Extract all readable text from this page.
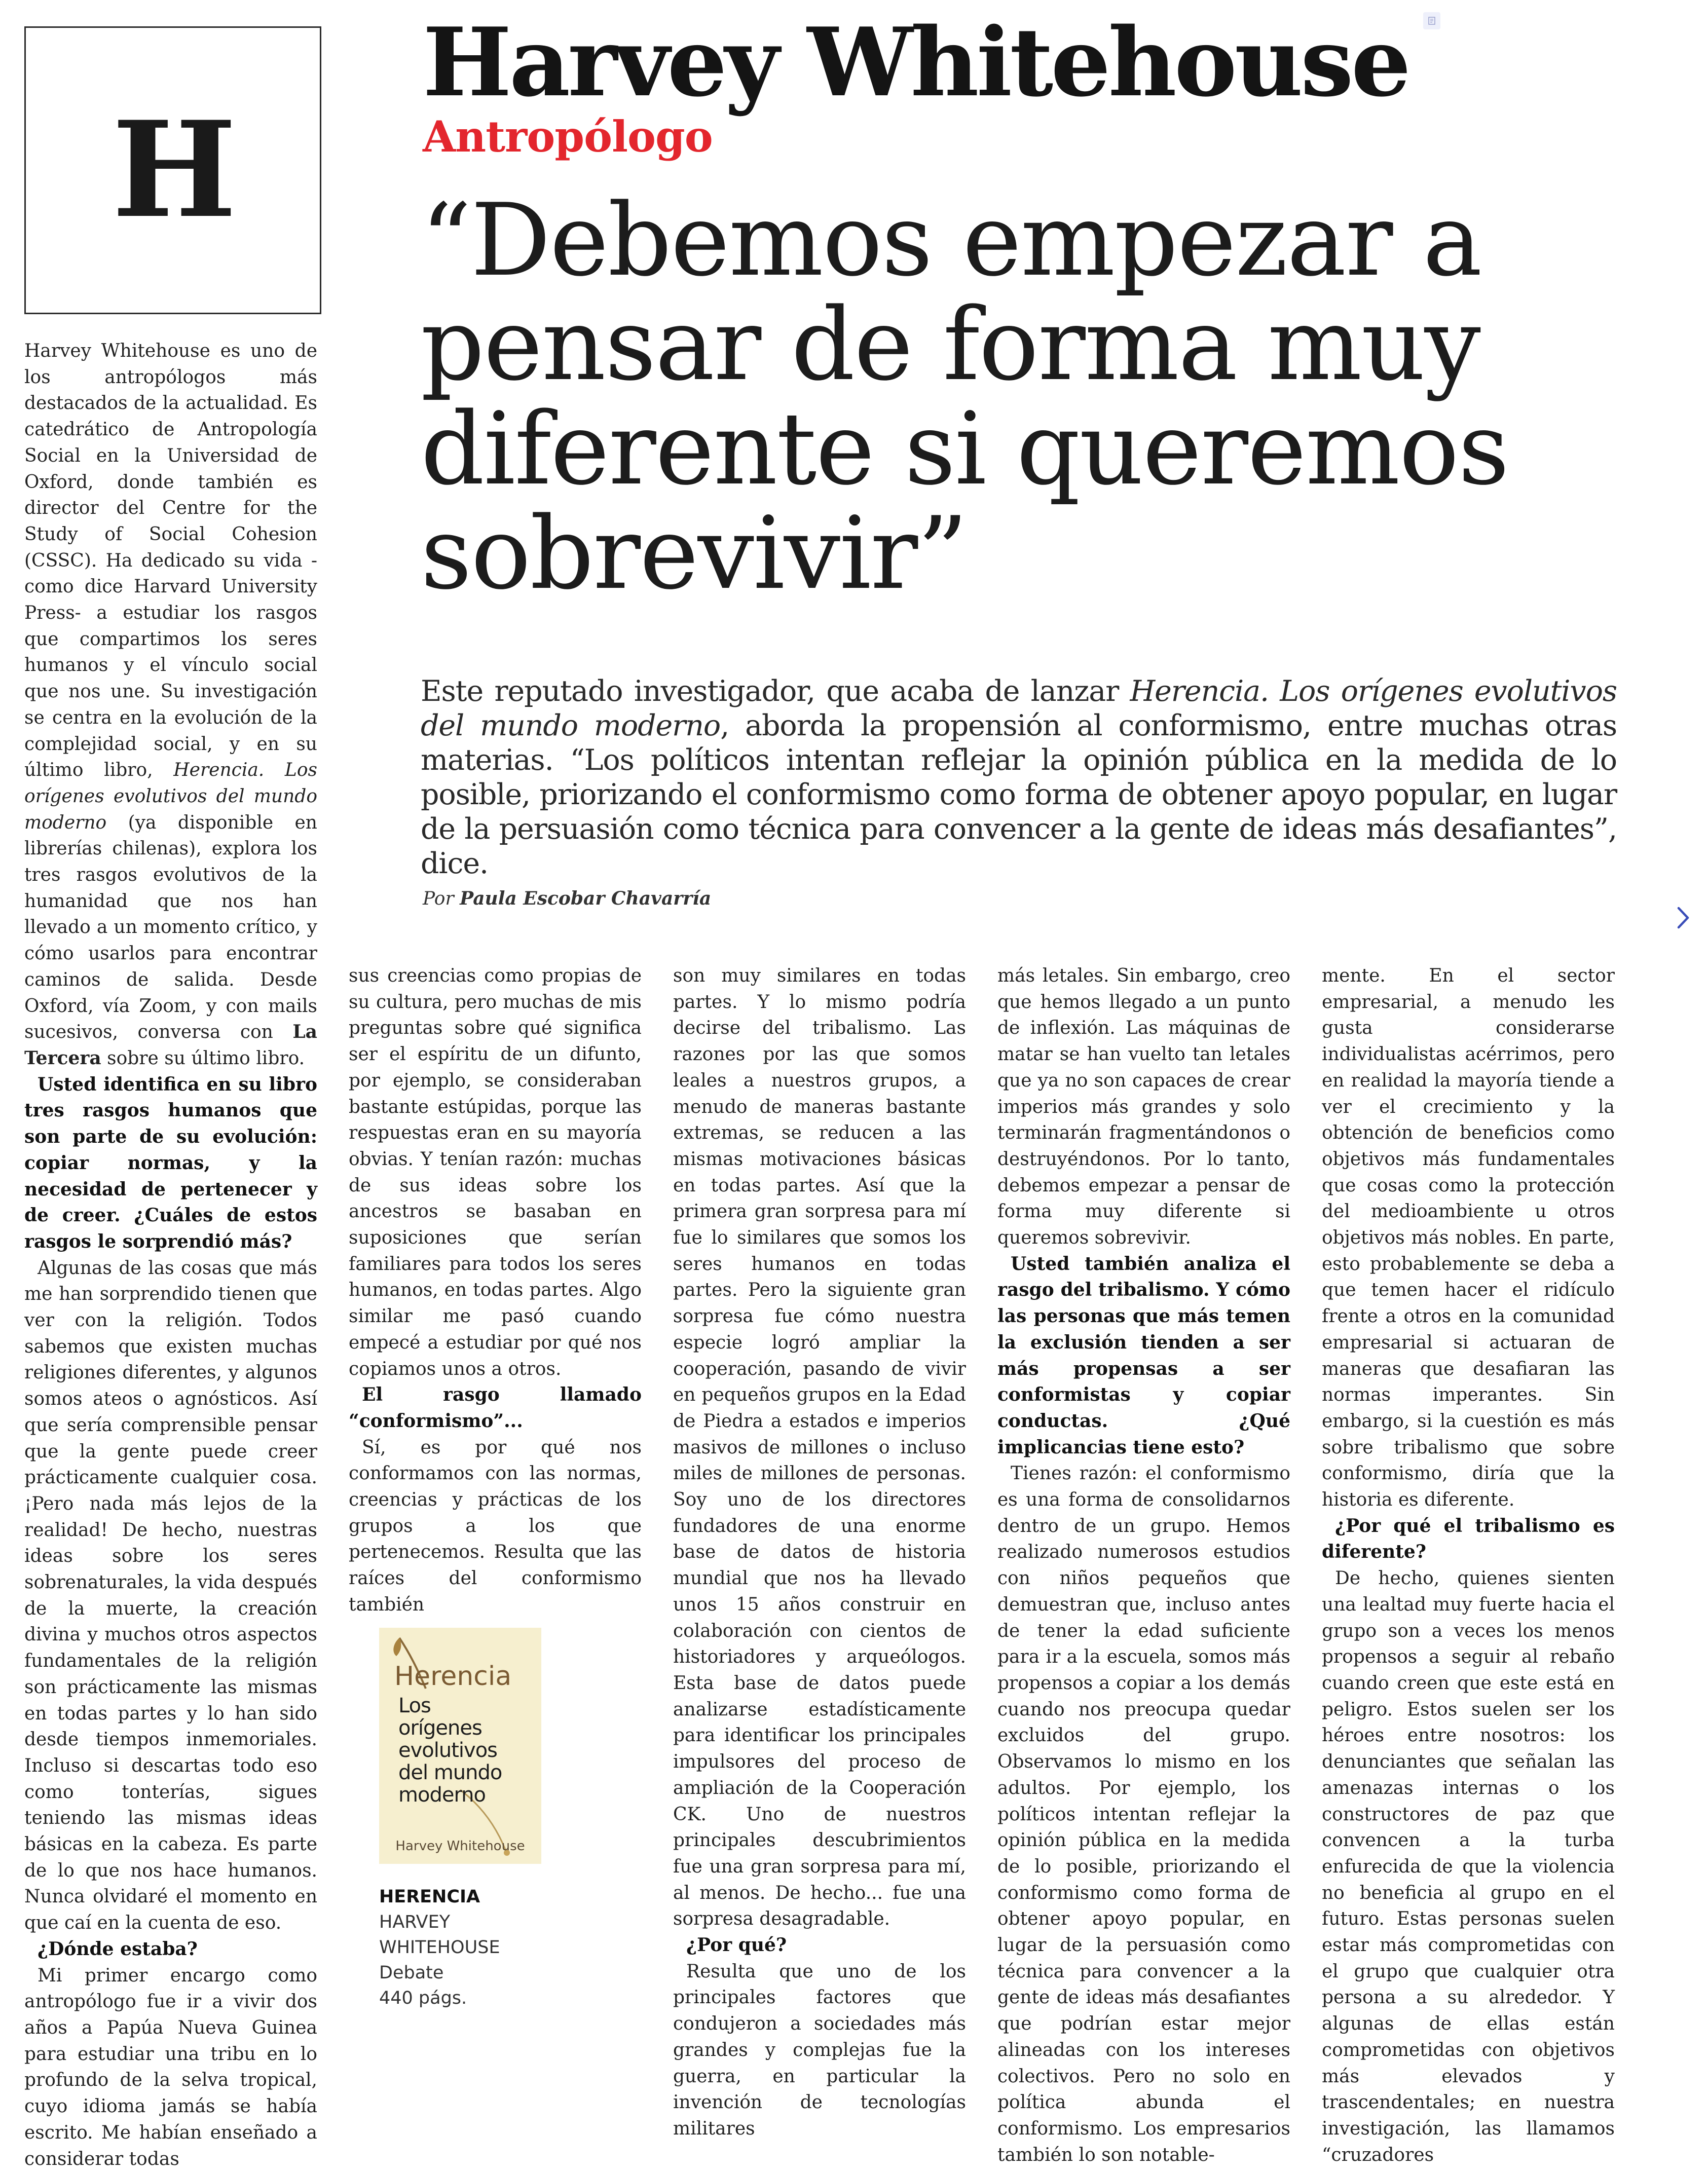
H
Harvey Whitehouse
Antropólogo

“Debemos empezar a

pensar de forma muy

diferente si queremos

sobrevivir”

Este reputado investigador, que acaba de lanzar Herencia. Los orígenes evolutivos del mundo moderno, aborda la propensión al conformismo, entre muchas otras materias. “Los políticos intentan reflejar la opinión pública en la medida de lo posible, priorizando el conformismo como forma de obtener apoyo popular, en lugar de la persuasión como técnica para convencer a la gente de ideas más desafiantes”, dice.

Por Paula Escobar Chavarría

Harvey Whitehouse es uno de los antropólogos más destacados de la actualidad. Es catedrático de Antropología Social en la Universidad de Oxford, donde también es director del Centre for the Study of Social Cohesion (CSSC). Ha dedicado su vida -como dice Harvard University Press- a estudiar los rasgos que compartimos los seres humanos y el vínculo social que nos une. Su investigación se centra en la evolución de la complejidad social, y en su último libro, Herencia. Los orígenes evolutivos del mundo moderno (ya disponible en librerías chilenas), explora los tres rasgos evolutivos de la humanidad que nos han llevado a un momento crítico, y cómo usarlos para encontrar caminos de salida. Desde Oxford, vía Zoom, y con mails sucesivos, conversa con La Tercera sobre su último libro.

Usted identifica en su libro tres rasgos humanos que son parte de su evolución: copiar normas, y la necesidad de pertenecer y de creer. ¿Cuáles de estos rasgos le sorprendió más?

Algunas de las cosas que más me han sorprendido tienen que ver con la religión. Todos sabemos que existen muchas religiones diferentes, y algunos somos ateos o agnósticos. Así que sería comprensible pensar que la gente puede creer prácticamente cualquier cosa. ¡Pero nada más lejos de la realidad! De hecho, nuestras ideas sobre los seres sobrenaturales, la vida después de la muerte, la creación divina y muchos otros aspectos fundamentales de la religión son prácticamente las mismas en todas partes y lo han sido desde tiempos inmemoriales. Incluso si descartas todo eso como tonterías, sigues teniendo las mismas ideas básicas en la cabeza. Es parte de lo que nos hace humanos. Nunca olvidaré el momento en que caí en la cuenta de eso.

¿Dónde estaba?

Mi primer encargo como antropólogo fue ir a vivir dos años a Papúa Nueva Guinea para estudiar una tribu en lo profundo de la selva tropical, cuyo idioma jamás se había escrito. Me habían enseñado a considerar todas

sus creencias como propias de su cultura, pero muchas de mis preguntas sobre qué significa ser el espíritu de un difunto, por ejemplo, se consideraban bastante estúpidas, porque las respuestas eran en su mayoría obvias. Y tenían razón: muchas de sus ideas sobre los ancestros se basaban en suposiciones que serían familiares para todos los seres humanos, en todas partes. Algo similar me pasó cuando empecé a estudiar por qué nos copiamos unos a otros.

El rasgo llamado “conformismo”...

Sí, es por qué nos conformamos con las normas, creencias y prácticas de los grupos a los que pertenecemos. Resulta que las raíces del conformismo también

Herencia
Los orígenes evolutivos del mundo moderno
Harvey Whitehouse

HERENCIA HARVEY WHITEHOUSE

Debate

440 págs.

son muy similares en todas partes. Y lo mismo podría decirse del tribalismo. Las razones por las que somos leales a nuestros grupos, a menudo de maneras bastante extremas, se reducen a las mismas motivaciones básicas en todas partes. Así que la primera gran sorpresa para mí fue lo similares que somos los seres humanos en todas partes. Pero la siguiente gran sorpresa fue cómo nuestra especie logró ampliar la cooperación, pasando de vivir en pequeños grupos en la Edad de Piedra a estados e imperios masivos de millones o incluso miles de millones de personas. Soy uno de los directores fundadores de una enorme base de datos de historia mundial que nos ha llevado unos 15 años construir en colaboración con cientos de historiadores y arqueólogos. Esta base de datos puede analizarse estadísticamente para identificar los principales impulsores del proceso de ampliación de la Cooperación CK. Uno de nuestros principales descubrimientos fue una gran sorpresa para mí, al menos. De hecho... fue una sorpresa desagradable.

¿Por qué?

Resulta que uno de los principales factores que condujeron a sociedades más grandes y complejas fue la guerra, en particular la invención de tecnologías militares

más letales. Sin embargo, creo que hemos llegado a un punto de inflexión. Las máquinas de matar se han vuelto tan letales que ya no son capaces de crear imperios más grandes y solo terminarán fragmentándonos o destruyéndonos. Por lo tanto, debemos empezar a pensar de forma muy diferente si queremos sobrevivir.

Usted también analiza el rasgo del tribalismo. Y cómo las personas que más temen la exclusión tienden a ser más propensas a ser conformistas y copiar conductas. ¿Qué implicancias tiene esto?

Tienes razón: el conformismo es una forma de consolidarnos dentro de un grupo. Hemos realizado numerosos estudios con niños pequeños que demuestran que, incluso antes de tener la edad suficiente para ir a la escuela, somos más propensos a copiar a los demás cuando nos preocupa quedar excluidos del grupo. Observamos lo mismo en los adultos. Por ejemplo, los políticos intentan reflejar la opinión pública en la medida de lo posible, priorizando el conformismo como forma de obtener apoyo popular, en lugar de la persuasión como técnica para convencer a la gente de ideas más desafiantes que podrían estar mejor alineadas con los intereses colectivos. Pero no solo en política abunda el conformismo. Los empresarios también lo son notable-

mente. En el sector empresarial, a menudo les gusta considerarse individualistas acérrimos, pero en realidad la mayoría tiende a ver el crecimiento y la obtención de beneficios como objetivos más fundamentales que cosas como la protección del medioambiente u otros objetivos más nobles. En parte, esto probablemente se deba a que temen hacer el ridículo frente a otros en la comunidad empresarial si actuaran de maneras que desafiaran las normas imperantes. Sin embargo, si la cuestión es más sobre tribalismo que sobre conformismo, diría que la historia es diferente.

¿Por qué el tribalismo es diferente?

De hecho, quienes sienten una lealtad muy fuerte hacia el grupo son a veces los menos propensos a seguir al rebaño cuando creen que este está en peligro. Estos suelen ser los héroes entre nosotros: los denunciantes que señalan las amenazas internas o los constructores de paz que convencen a la turba enfurecida de que la violencia no beneficia al grupo en el futuro. Estas personas suelen estar más comprometidas con el grupo que cualquier otra persona a su alrededor. Y algunas de ellas están comprometidas con objetivos más elevados y trascendentales; en nuestra investigación, las llamamos “cruzadores
